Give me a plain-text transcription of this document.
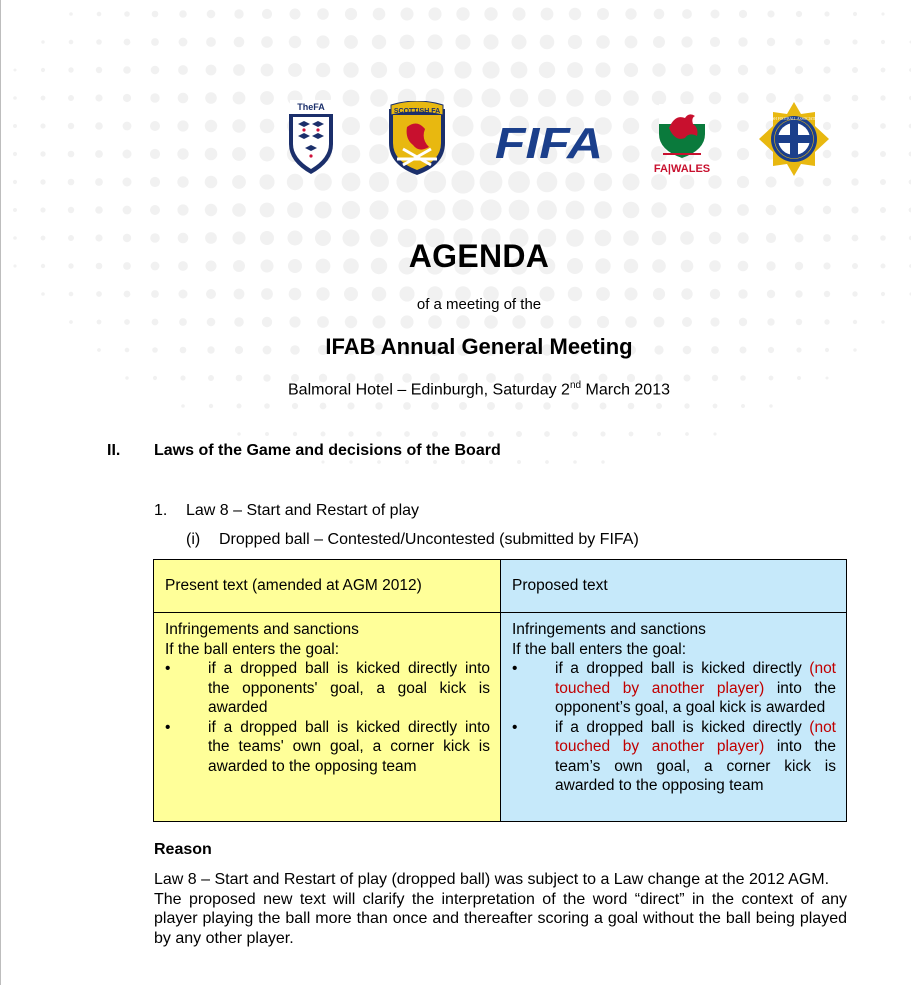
TheFA	SCOTTISH FA
FIFA
FA|WALES
IRISH FOOTBALL ASSOCIATION
AGENDA
of a meeting of the
IFAB Annual General Meeting
Balmoral Hotel – Edinburgh, Saturday 2nd March 2013
II. Laws of the Game and decisions of the Board
1. Law 8 – Start and Restart of play
(i) Dropped ball – Contested/Uncontested (submitted by FIFA)
Present text (amended at AGM 2012)	Proposed text
Infringements and sanctions
If the ball enters the goal:
• if a dropped ball is kicked directly into the opponents' goal, a goal kick is awarded
• if a dropped ball is kicked directly into the teams' own goal, a corner kick is awarded to the opposing team
Infringements and sanctions
If the ball enters the goal:
• if a dropped ball is kicked directly (not touched by another player) into the opponent’s goal, a goal kick is awarded
• if a dropped ball is kicked directly (not touched by another player) into the team’s own goal, a corner kick is awarded to the opposing team
Reason

Law 8 – Start and Restart of play (dropped ball) was subject to a Law change at the 2012 AGM.

The proposed new text will clarify the interpretation of the word “direct” in the context of any player playing the ball more than once and thereafter scoring a goal without the ball being played by any other player.
